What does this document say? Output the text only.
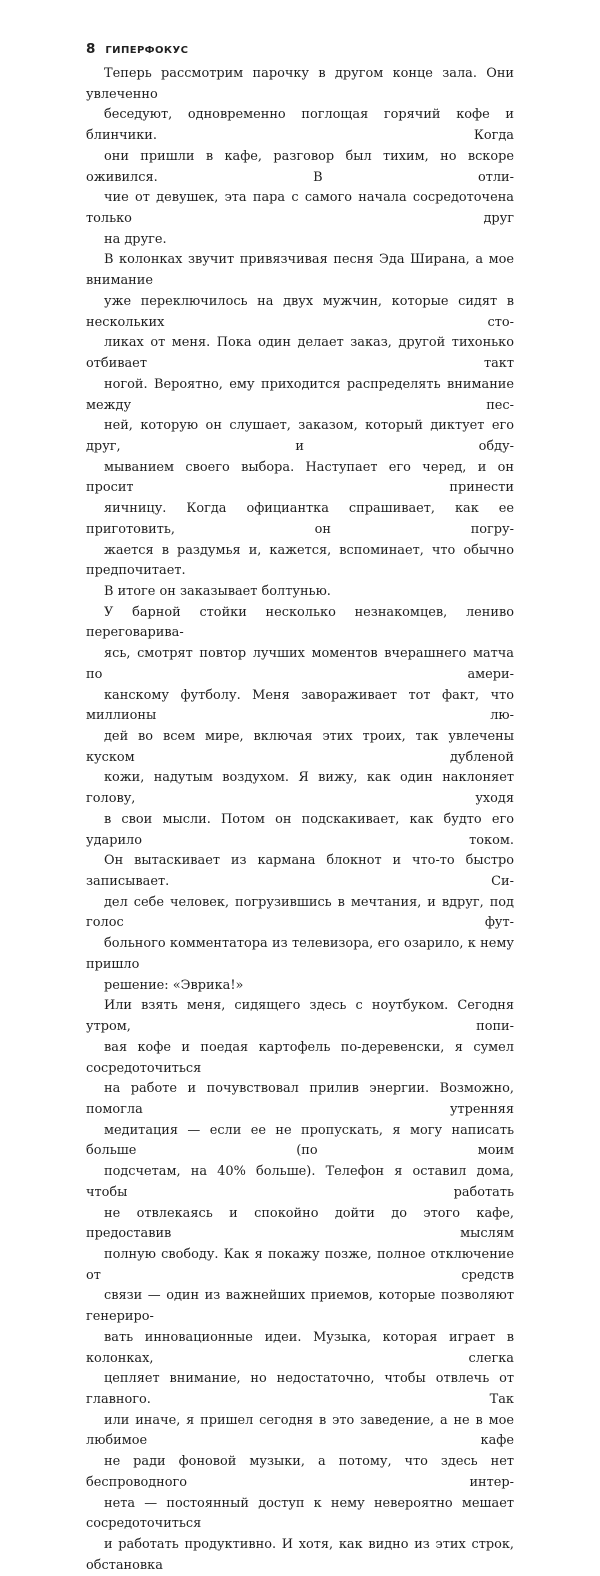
8 ГИПЕРФОКУС

Теперь рассмотрим парочку в другом конце зала. Они увлеченно
беседуют, одновременно поглощая горячий кофе и блинчики. Когда
они пришли в кафе, разговор был тихим, но вскоре оживился. В отли-
чие от девушек, эта пара с самого начала сосредоточена только друг
на друге.

В колонках звучит привязчивая песня Эда Ширана, а мое внимание
уже переключилось на двух мужчин, которые сидят в нескольких сто-
ликах от меня. Пока один делает заказ, другой тихонько отбивает такт
ногой. Вероятно, ему приходится распределять внимание между пес-
ней, которую он слушает, заказом, который диктует его друг, и обду-
мыванием своего выбора. Наступает его черед, и он просит принести
яичницу. Когда официантка спрашивает, как ее приготовить, он погру-
жается в раздумья и, кажется, вспоминает, что обычно предпочитает.
В итоге он заказывает болтунью.

У барной стойки несколько незнакомцев, лениво переговарива-
ясь, смотрят повтор лучших моментов вчерашнего матча по амери-
канскому футболу. Меня завораживает тот факт, что миллионы лю-
дей во всем мире, включая этих троих, так увлечены куском дубленой
кожи, надутым воздухом. Я вижу, как один наклоняет голову, уходя
в свои мысли. Потом он подскакивает, как будто его ударило током.
Он вытаскивает из кармана блокнот и что-то быстро записывает. Си-
дел себе человек, погрузившись в мечтания, и вдруг, под голос фут-
больного комментатора из телевизора, его озарило, к нему пришло
решение: «Эврика!»

Или взять меня, сидящего здесь с ноутбуком. Сегодня утром, попи-
вая кофе и поедая картофель по-деревенски, я сумел сосредоточиться
на работе и почувствовал прилив энергии. Возможно, помогла утренняя
медитация — если ее не пропускать, я могу написать больше (по моим
подсчетам, на 40% больше). Телефон я оставил дома, чтобы работать
не отвлекаясь и спокойно дойти до этого кафе, предоставив мыслям
полную свободу. Как я покажу позже, полное отключение от средств
связи — один из важнейших приемов, которые позволяют генериро-
вать инновационные идеи. Музыка, которая играет в колонках, слегка
цепляет внимание, но недостаточно, чтобы отвлечь от главного. Так
или иначе, я пришел сегодня в это заведение, а не в мое любимое кафе
не ради фоновой музыки, а потому, что здесь нет беспроводного интер-
нета — постоянный доступ к нему невероятно мешает сосредоточиться
и работать продуктивно. И хотя, как видно из этих строк, обстановка
